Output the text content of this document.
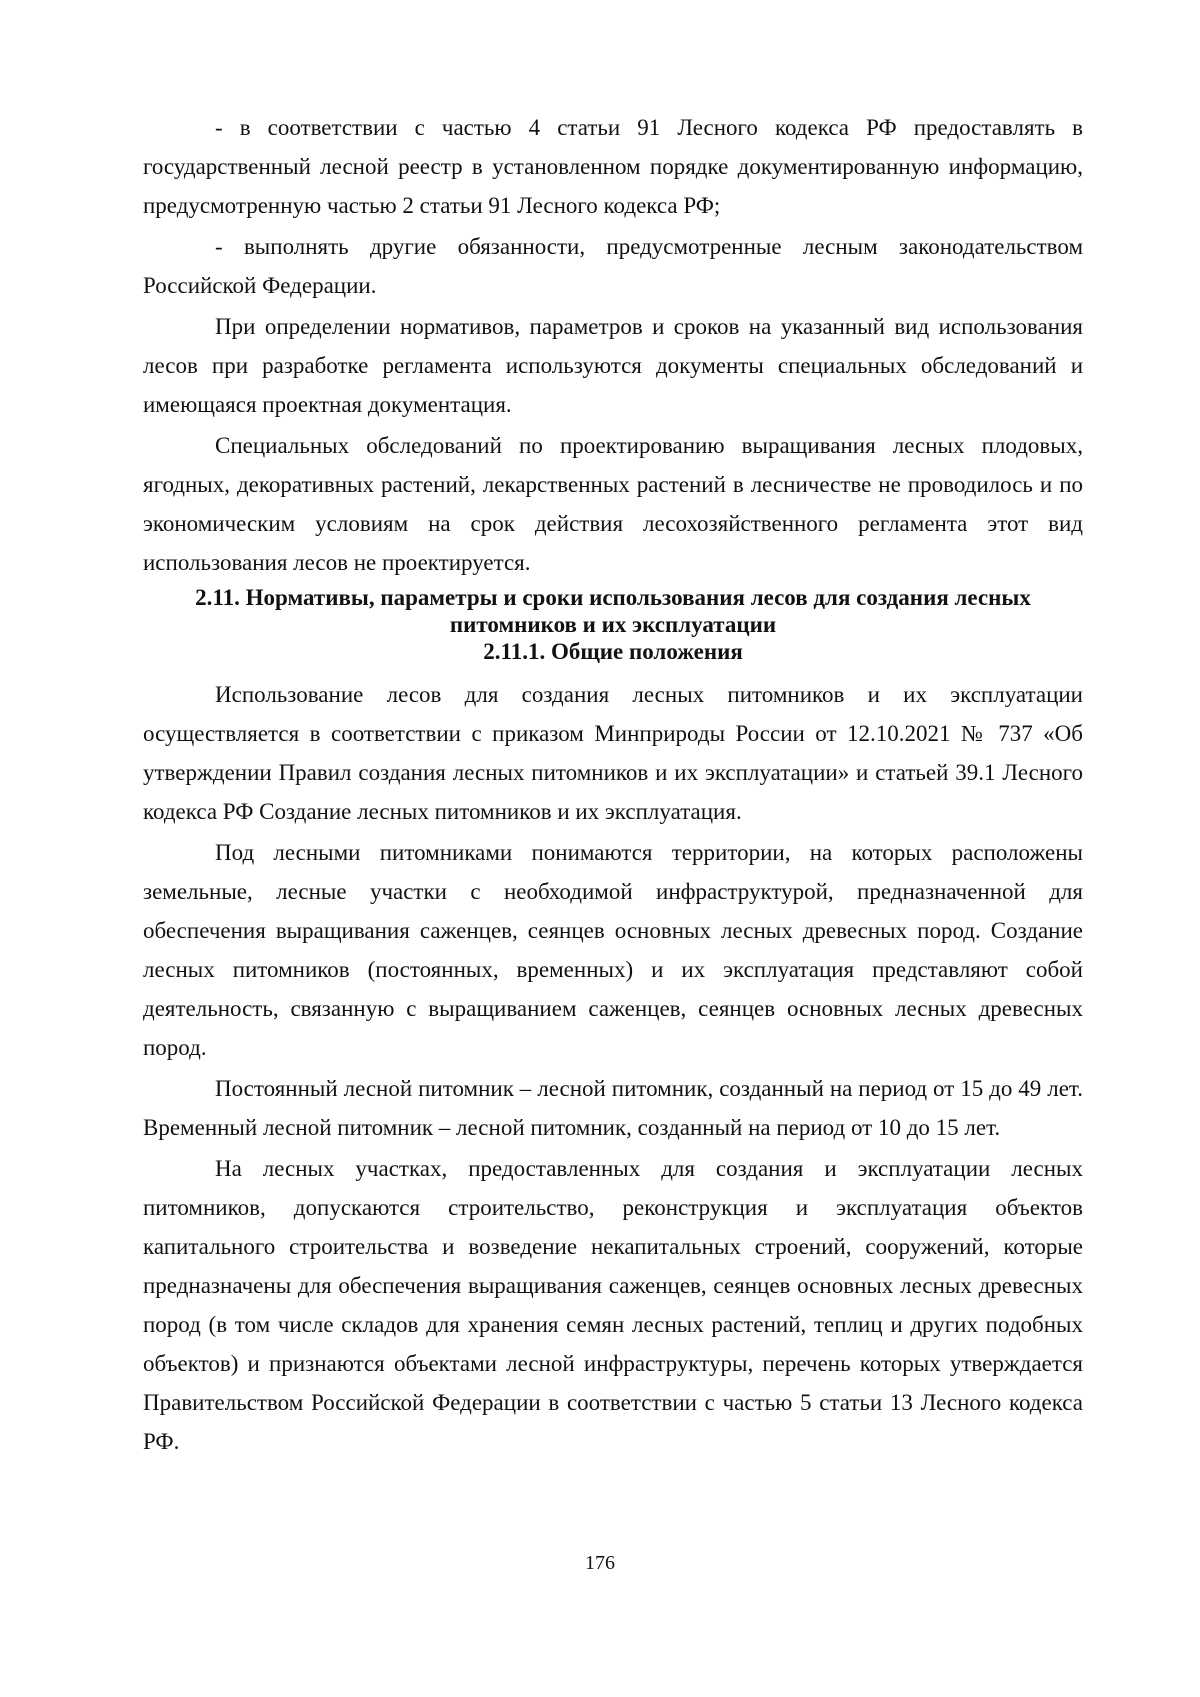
- в соответствии с частью 4 статьи 91 Лесного кодекса РФ предоставлять в государственный лесной реестр в установленном порядке документированную информацию, предусмотренную частью 2 статьи 91 Лесного кодекса РФ;

- выполнять другие обязанности, предусмотренные лесным законодательством Российской Федерации.

При определении нормативов, параметров и сроков на указанный вид использования лесов при разработке регламента используются документы специальных обследований и имеющаяся проектная документация.

Специальных обследований по проектированию выращивания лесных плодовых, ягодных, декоративных растений, лекарственных растений в лесничестве не проводилось и по экономическим условиям на срок действия лесохозяйственного регламента этот вид использования лесов не проектируется.

2.11. Нормативы, параметры и сроки использования лесов для создания лесных питомников и их эксплуатации

2.11.1. Общие положения

Использование лесов для создания лесных питомников и их эксплуатации осуществляется в соответствии с приказом Минприроды России от 12.10.2021 № 737 «Об утверждении Правил создания лесных питомников и их эксплуатации» и статьей 39.1 Лесного кодекса РФ Создание лесных питомников и их эксплуатация.

Под лесными питомниками понимаются территории, на которых расположены земельные, лесные участки с необходимой инфраструктурой, предназначенной для обеспечения выращивания саженцев, сеянцев основных лесных древесных пород. Создание лесных питомников (постоянных, временных) и их эксплуатация представляют собой деятельность, связанную с выращиванием саженцев, сеянцев основных лесных древесных пород.

Постоянный лесной питомник – лесной питомник, созданный на период от 15 до 49 лет. Временный лесной питомник – лесной питомник, созданный на период от 10 до 15 лет.

На лесных участках, предоставленных для создания и эксплуатации лесных питомников, допускаются строительство, реконструкция и эксплуатация объектов капитального строительства и возведение некапитальных строений, сооружений, которые предназначены для обеспечения выращивания саженцев, сеянцев основных лесных древесных пород (в том числе складов для хранения семян лесных растений, теплиц и других подобных объектов) и признаются объектами лесной инфраструктуры, перечень которых утверждается Правительством Российской Федерации в соответствии с частью 5 статьи 13 Лесного кодекса РФ.

176
